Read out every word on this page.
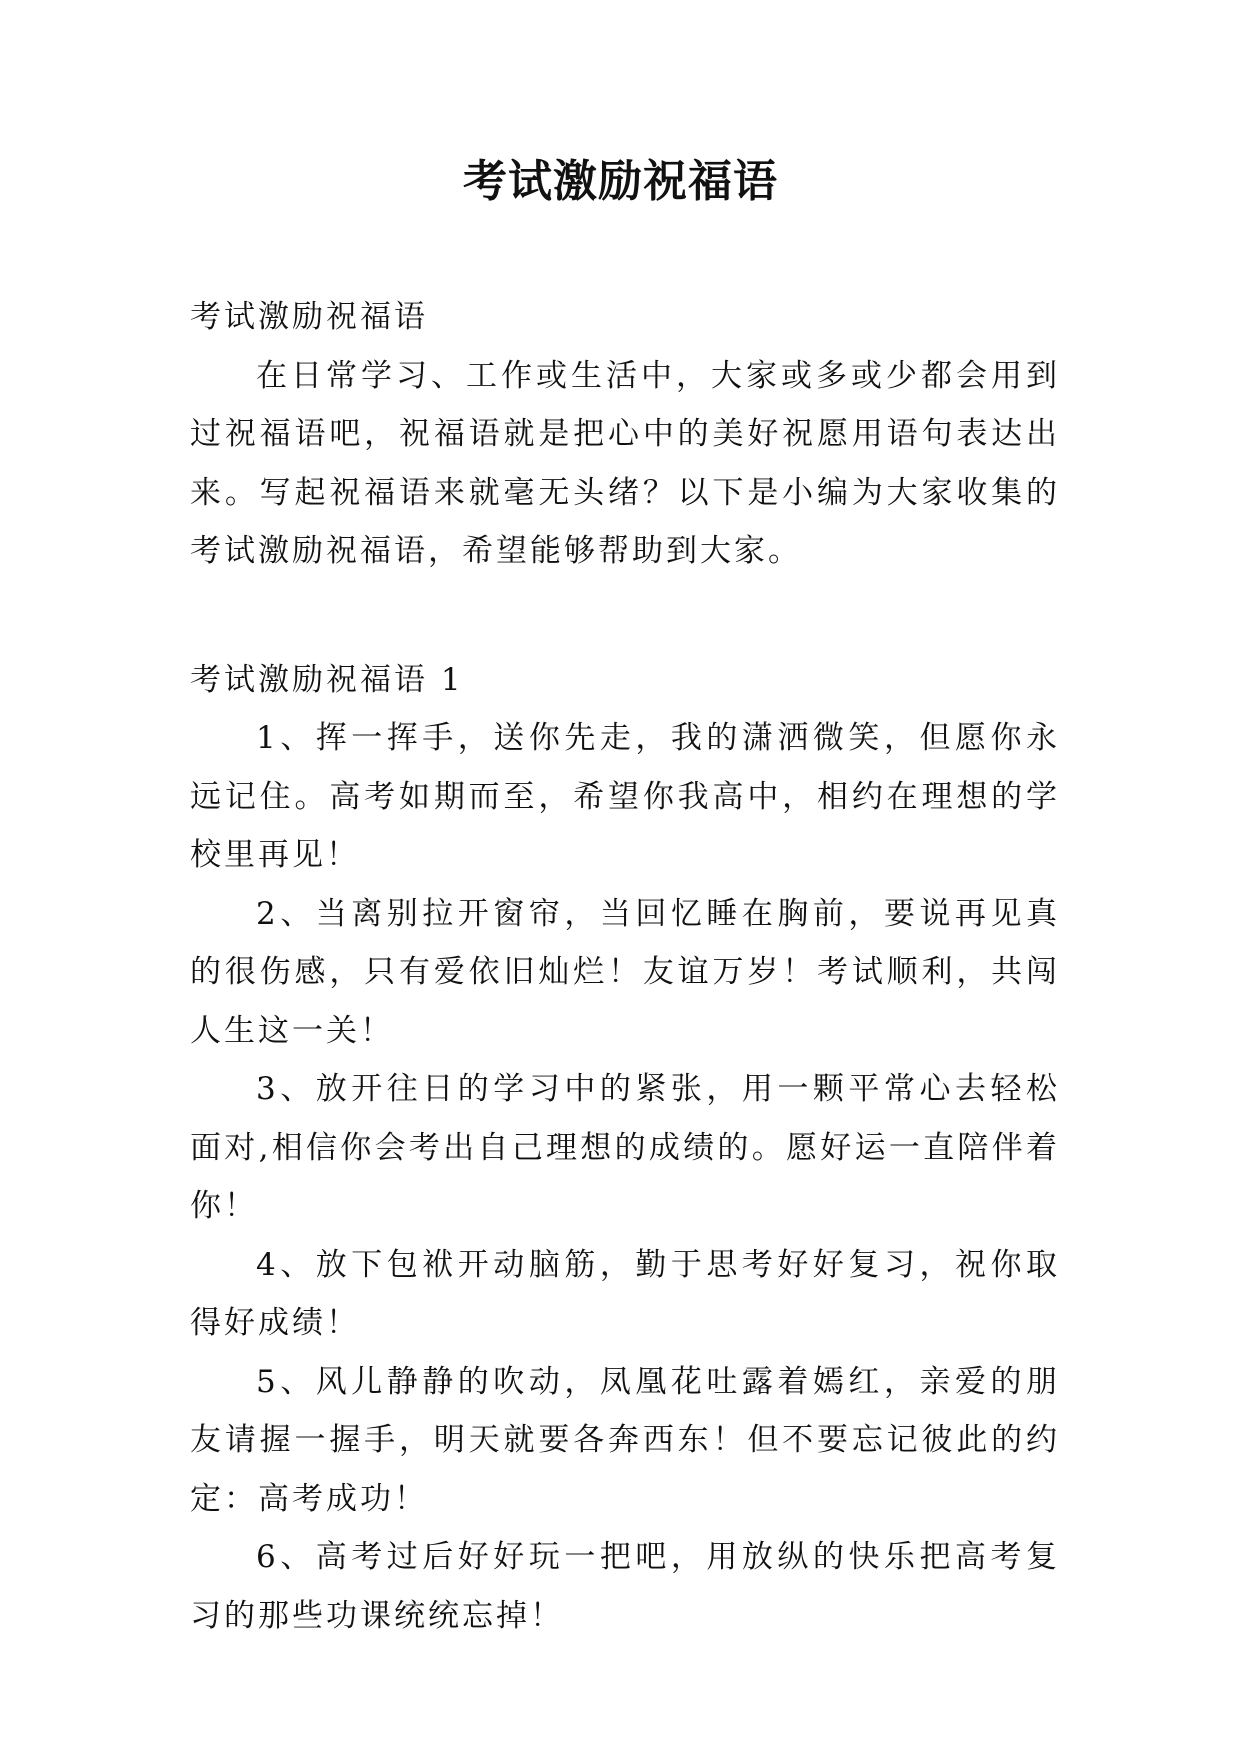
考试激励祝福语

考试激励祝福语

在日常学习、工作或生活中，大家或多或少都会用到过祝福语吧，祝福语就是把心中的美好祝愿用语句表达出来。写起祝福语来就毫无头绪？以下是小编为大家收集的考试激励祝福语，希望能够帮助到大家。

考试激励祝福语 1

1、挥一挥手，送你先走，我的潇洒微笑，但愿你永远记住。高考如期而至，希望你我高中，相约在理想的学校里再见！

2、当离别拉开窗帘，当回忆睡在胸前，要说再见真的很伤感，只有爱依旧灿烂！友谊万岁！考试顺利，共闯人生这一关！

3、放开往日的学习中的紧张，用一颗平常心去轻松面对,相信你会考出自己理想的成绩的。愿好运一直陪伴着你！

4、放下包袱开动脑筋，勤于思考好好复习，祝你取得好成绩！

5、风儿静静的吹动，凤凰花吐露着嫣红，亲爱的朋友请握一握手，明天就要各奔西东！但不要忘记彼此的约定：高考成功！

6、高考过后好好玩一把吧，用放纵的快乐把高考复习的那些功课统统忘掉！
